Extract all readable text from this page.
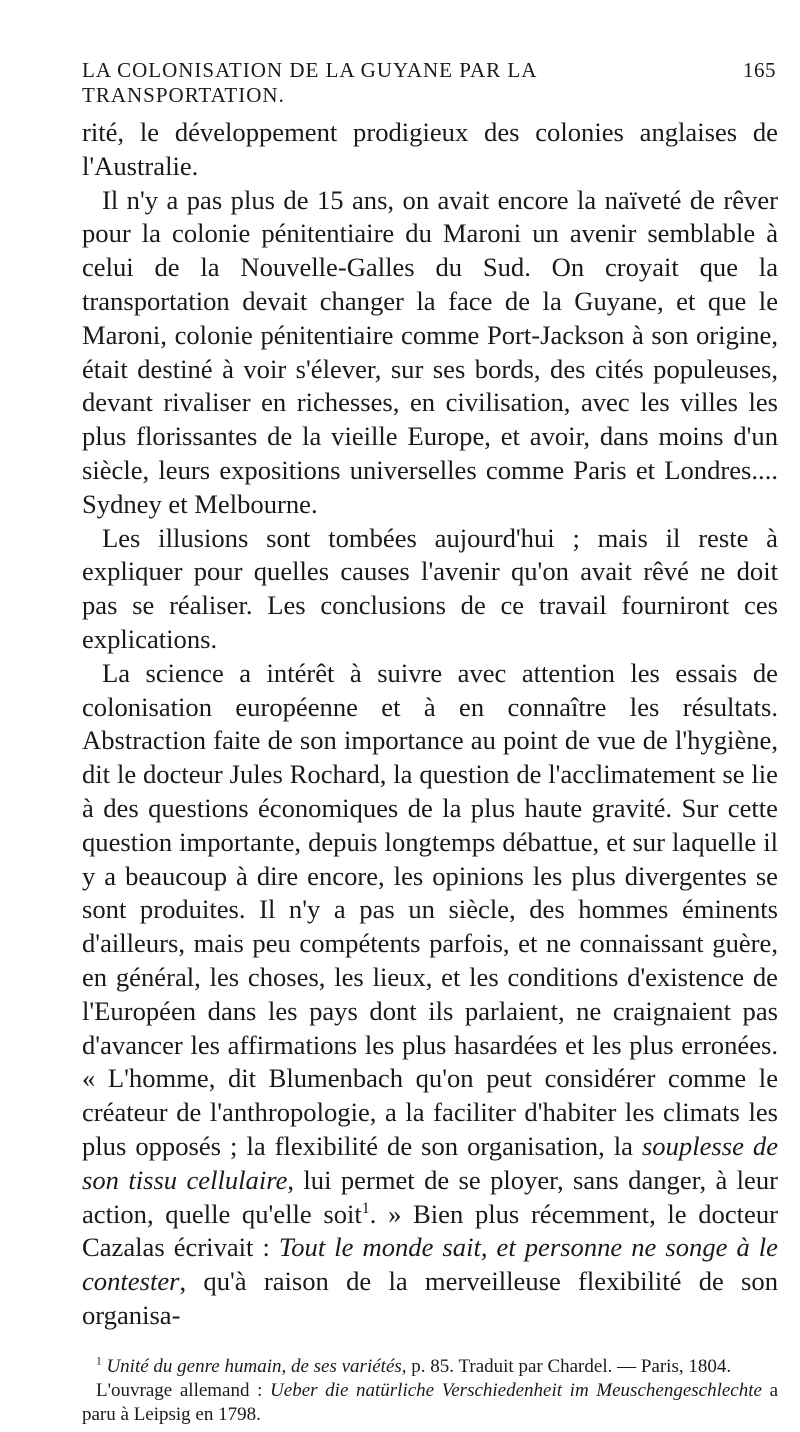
LA COLONISATION DE LA GUYANE PAR LA TRANSPORTATION.
165

rité, le développement prodigieux des colonies anglaises de l'Australie.

Il n'y a pas plus de 15 ans, on avait encore la naïveté de rêver pour la colonie pénitentiaire du Maroni un avenir semblable à celui de la Nouvelle-Galles du Sud. On croyait que la transportation devait changer la face de la Guyane, et que le Maroni, colonie pénitentiaire comme Port-Jackson à son origine, était destiné à voir s'élever, sur ses bords, des cités populeuses, devant rivaliser en richesses, en civilisation, avec les villes les plus florissantes de la vieille Europe, et avoir, dans moins d'un siècle, leurs expositions universelles comme Paris et Londres.... Sydney et Melbourne.

Les illusions sont tombées aujourd'hui ; mais il reste à expliquer pour quelles causes l'avenir qu'on avait rêvé ne doit pas se réaliser. Les conclusions de ce travail fourniront ces explications.

La science a intérêt à suivre avec attention les essais de colonisation européenne et à en connaître les résultats. Abstraction faite de son importance au point de vue de l'hygiène, dit le docteur Jules Rochard, la question de l'acclimatement se lie à des questions économiques de la plus haute gravité. Sur cette question importante, depuis longtemps débattue, et sur laquelle il y a beaucoup à dire encore, les opinions les plus divergentes se sont produites. Il n'y a pas un siècle, des hommes éminents d'ailleurs, mais peu compétents parfois, et ne connaissant guère, en général, les choses, les lieux, et les conditions d'existence de l'Européen dans les pays dont ils parlaient, ne craignaient pas d'avancer les affirmations les plus hasardées et les plus erronées. « L'homme, dit Blumenbach qu'on peut considérer comme le créateur de l'anthropologie, a la faciliter d'habiter les climats les plus opposés ; la flexibilité de son organisation, la souplesse de son tissu cellulaire, lui permet de se ployer, sans danger, à leur action, quelle qu'elle soit$^1$. » Bien plus récemment, le docteur Cazalas écrivait : Tout le monde sait, et personne ne songe à le contester, qu'à raison de la merveilleuse flexibilité de son organisa-

$^1$ Unité du genre humain, de ses variétés, p. 85. Traduit par Chardel. — Paris, 1804.

L'ouvrage allemand : Ueber die natürliche Verschiedenheit im Meuschengeschlechte a paru à Leipsig en 1798.
